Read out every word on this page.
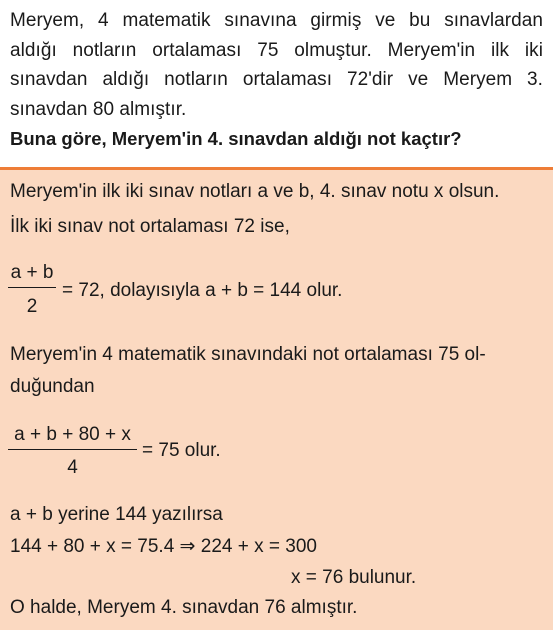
Meryem, 4 matematik sınavına girmiş ve bu sınavlardan
aldığı notların ortalaması 75 olmuştur. Meryem'in ilk iki
sınavdan aldığı notların ortalaması 72'dir ve Meryem 3.
sınavdan 80 almıştır.
Buna göre, Meryem'in 4. sınavdan aldığı not kaçtır?
Meryem'in ilk iki sınav notları a ve b, 4. sınav notu x olsun.
İlk iki sınav not ortalaması 72 ise,
a + b
2
= 72, dolayısıyla a + b = 144 olur.
Meryem'in 4 matematik sınavındaki not ortalaması 75 ol-
duğundan
a + b + 80 + x
4
= 75 olur.
a + b yerine 144 yazılırsa
144 + 80 + x = 75.4 ⇒ 224 + x = 300
x = 76 bulunur.
O halde, Meryem 4. sınavdan 76 almıştır.
